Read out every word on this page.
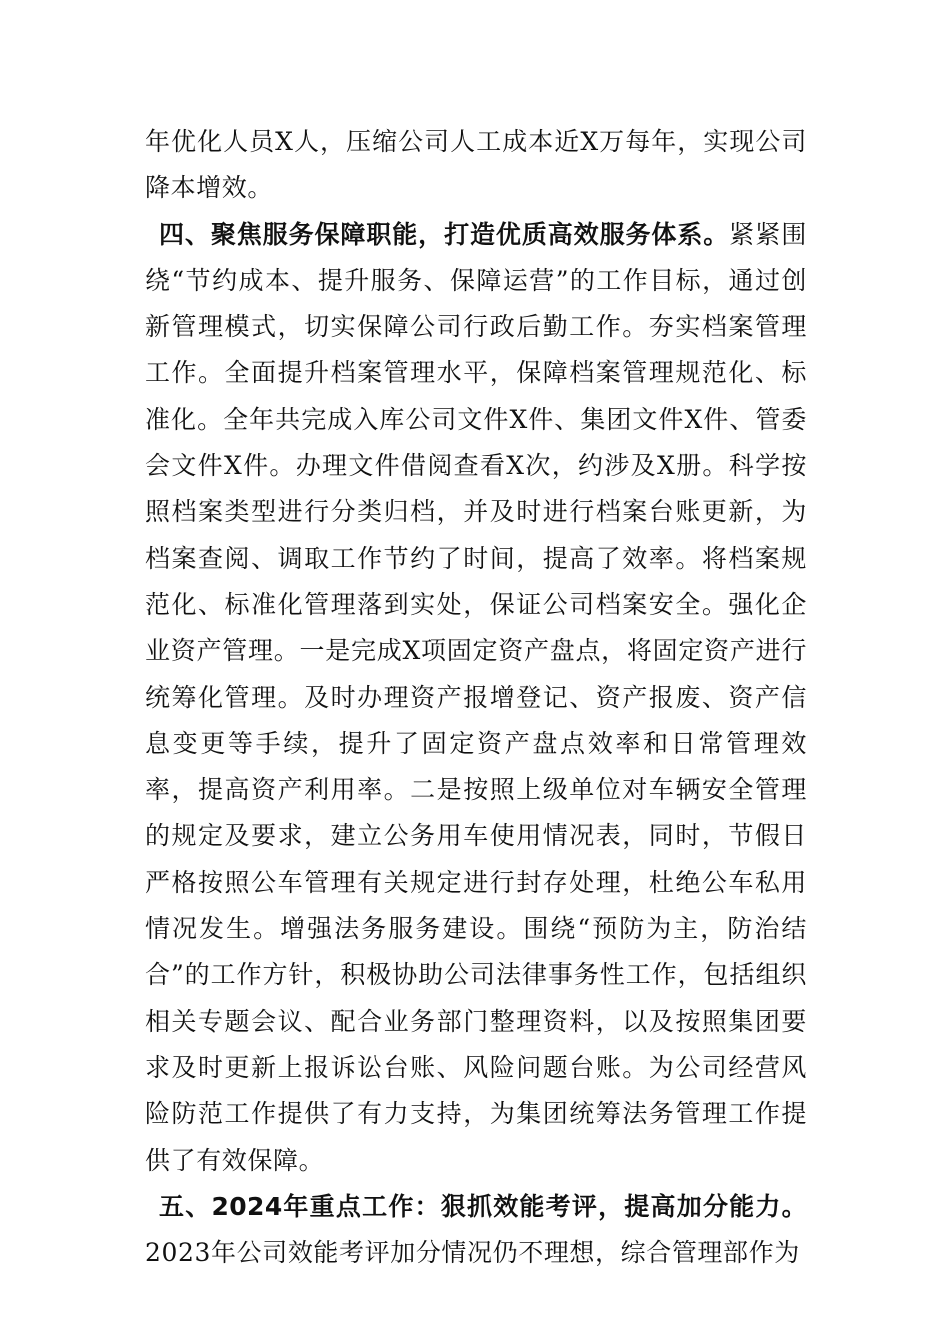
年优化人员X人，压缩公司人工成本近X万每年，实现公司降本增效。

四、聚焦服务保障职能，打造优质高效服务体系。紧紧围绕“节约成本、提升服务、保障运营”的工作目标，通过创新管理模式，切实保障公司行政后勤工作。夯实档案管理工作。全面提升档案管理水平，保障档案管理规范化、标准化。全年共完成入库公司文件X件、集团文件X件、管委会文件X件。办理文件借阅查看X次，约涉及X册。科学按照档案类型进行分类归档，并及时进行档案台账更新，为档案查阅、调取工作节约了时间，提高了效率。将档案规范化、标准化管理落到实处，保证公司档案安全。强化企业资产管理。一是完成X项固定资产盘点，将固定资产进行统筹化管理。及时办理资产报增登记、资产报废、资产信息变更等手续，提升了固定资产盘点效率和日常管理效率，提高资产利用率。二是按照上级单位对车辆安全管理的规定及要求，建立公务用车使用情况表，同时，节假日严格按照公车管理有关规定进行封存处理，杜绝公车私用情况发生。增强法务服务建设。围绕“预防为主，防治结合”的工作方针，积极协助公司法律事务性工作，包括组织相关专题会议、配合业务部门整理资料，以及按照集团要求及时更新上报诉讼台账、风险问题台账。为公司经营风险防范工作提供了有力支持，为集团统筹法务管理工作提供了有效保障。

五、2024年重点工作：狠抓效能考评，提高加分能力。2023年公司效能考评加分情况仍不理想，综合管理部作为
